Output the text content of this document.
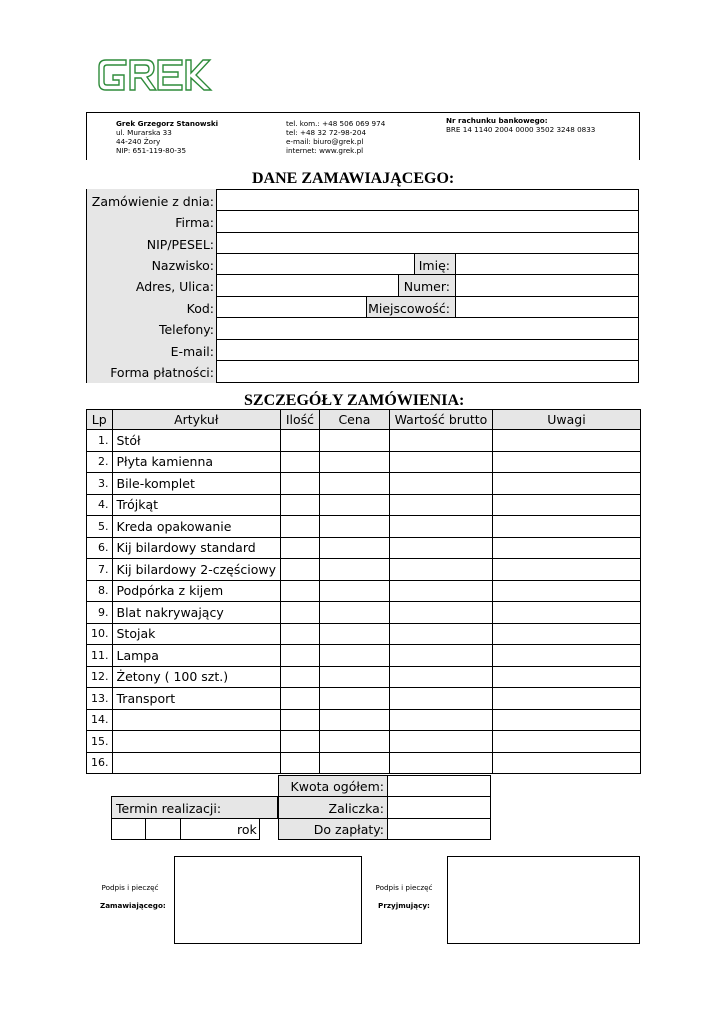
Grek Grzegorz Stanowski
ul. Murarska 33
44-240 Żory
NIP: 651-119-80-35
tel. kom.: +48 506 069 974
tel: +48 32 72-98-204
e-mail: biuro@grek.pl
internet: www.grek.pl
Nr rachunku bankowego:
BRE 14 1140 2004 0000 3502 3248 0833
DANE ZAMAWIAJĄCEGO:
Zamówienie z dnia:
Firma:
NIP/PESEL:
Nazwisko:	Imię:
Adres, Ulica:	Numer:
Kod:	Miejscowość:
Telefony:
E-mail:
Forma płatności:
SZCZEGÓŁY ZAMÓWIENIA:
Lp	Artykuł	Ilość	Cena	Wartość brutto	Uwagi
1.	Stół				
2.	Płyta kamienna				
3.	Bile-komplet				
4.	Trójkąt				
5.	Kreda opakowanie				
6.	Kij bilardowy standard				
7.	Kij bilardowy 2-częściowy				
8.	Podpórka z kijem				
9.	Blat nakrywający				
10.	Stojak				
11.	Lampa				
12.	Żetony ( 100 szt.)				
13.	Transport				
14.					
15.					
16.					
Kwota ogółem:
Zaliczka:
Do zapłaty:
Termin realizacji:
rok
Podpis i pieczęć
Zamawiającego:
Podpis i pieczęć
Przyjmujący:
